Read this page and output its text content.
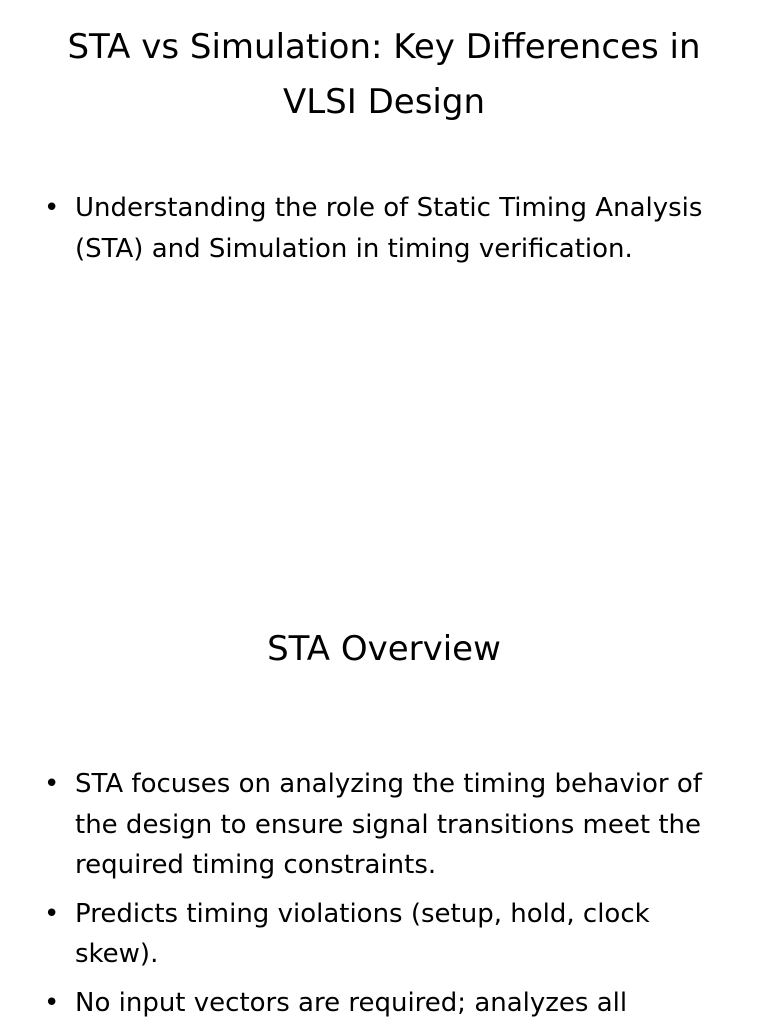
STA vs Simulation: Key Differences in VLSI Design
• Understanding the role of Static Timing Analysis (STA) and Simulation in timing verification.
STA Overview
• STA focuses on analyzing the timing behavior of the design to ensure signal transitions meet the required timing constraints.
• Predicts timing violations (setup, hold, clock skew).
• No input vectors are required; analyzes all
